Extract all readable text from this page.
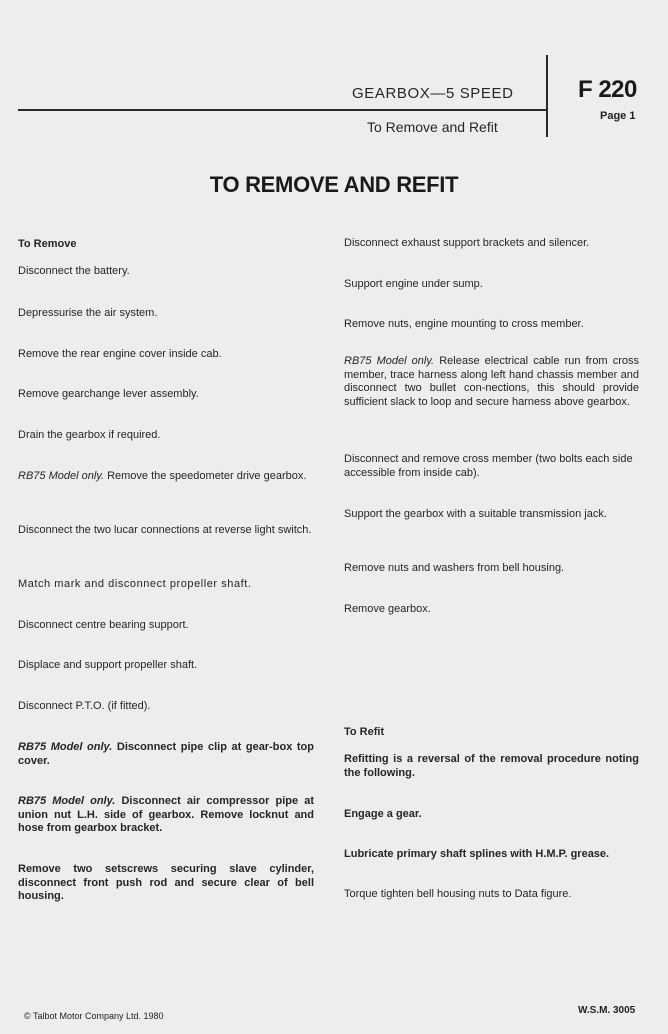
GEARBOX—5 SPEED
To Remove and Refit
F 220
Page 1
TO REMOVE AND REFIT
To Remove
Disconnect the battery.
Depressurise the air system.
Remove the rear engine cover inside cab.
Remove gearchange lever assembly.
Drain the gearbox if required.
RB75 Model only. Remove the speedometer drive gearbox.
Disconnect the two lucar connections at reverse light switch.
Match mark and disconnect propeller shaft.
Disconnect centre bearing support.
Displace and support propeller shaft.
Disconnect P.T.O. (if fitted).
RB75 Model only. Disconnect pipe clip at gear-box top cover.
RB75 Model only. Disconnect air compressor pipe at union nut L.H. side of gearbox. Remove locknut and hose from gearbox bracket.
Remove two setscrews securing slave cylinder, disconnect front push rod and secure clear of bell housing.
Disconnect exhaust support brackets and silencer.
Support engine under sump.
Remove nuts, engine mounting to cross member.
RB75 Model only. Release electrical cable run from cross member, trace harness along left hand chassis member and disconnect two bullet con-nections, this should provide sufficient slack to loop and secure harness above gearbox.
Disconnect and remove cross member (two bolts each side accessible from inside cab).
Support the gearbox with a suitable transmission jack.
Remove nuts and washers from bell housing.
Remove gearbox.
To Refit
Refitting is a reversal of the removal procedure noting the following.
Engage a gear.
Lubricate primary shaft splines with H.M.P. grease.
Torque tighten bell housing nuts to Data figure.
© Talbot Motor Company Ltd. 1980	W.S.M. 3005
